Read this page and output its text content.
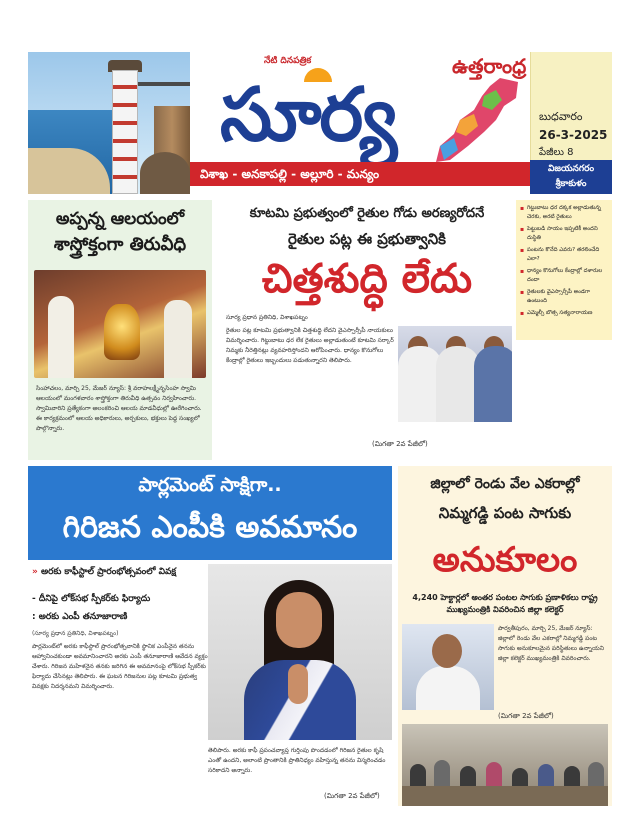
నేటి దినపత్రిక
సూర్య
ఉత్తరాంధ్ర
విశాఖ - అనకాపల్లి - అల్లూరి - మన్యం
బుధవారం
26-3-2025
పేజీలు 8
విజయనగరం
శ్రీకాకుళం
అప్పన్న ఆలయంలో
శాస్త్రోక్తంగా తిరువీధి
సింహాచలం, మార్చి 25, మేజర్ న్యూస్: శ్రీ వరాహలక్ష్మీనృసింహ స్వామి ఆలయంలో మంగళవారం శాస్త్రోక్తంగా తిరువీధి ఉత్సవం నిర్వహించారు. స్వామివారిని ప్రత్యేకంగా అలంకరించి ఆలయ మాడవీధుల్లో ఊరేగించారు. ఈ కార్యక్రమంలో ఆలయ అధికారులు, అర్చకులు, భక్తులు పెద్ద సంఖ్యలో పాల్గొన్నారు.
కూటమి ప్రభుత్వంలో రైతుల గోడు అరణ్యరోదనే
రైతుల పట్ల ఈ ప్రభుత్వానికి
చిత్తశుద్ధి లేదు
సూర్య ప్రధాన ప్రతినిధి, విశాఖపట్నం
రైతుల పట్ల కూటమి ప్రభుత్వానికి చిత్తశుద్ధి లేదని వైఎస్సార్సీపీ నాయకులు విమర్శించారు. గిట్టుబాటు ధర లేక రైతులు అల్లాడుతుంటే కూటమి సర్కార్ నిమ్మకు నీరెత్తినట్లు వ్యవహరిస్తోందని ఆరోపించారు. ధాన్యం కొనుగోలు కేంద్రాల్లో రైతులు ఇబ్బందులు పడుతున్నారని తెలిపారు.
(మిగతా 2వ పేజీలో)
▪ గిట్టుబాటు ధర దక్కక అల్లాడుతున్న చెరకు, అరటి రైతులు
▪ పెట్టుబడి సాయం ఇప్పటికీ అందని దుస్థితి
▪ పంటను కొనేది ఎవరు? తరలించేది ఎలా?
▪ ధాన్యం కొనుగోలు కేంద్రాల్లో దళారుల దందా
▪ రైతులకు వైఎస్సార్సీపీ అండగా ఉంటుంది
▪ ఎమ్మెల్సీ బొత్స సత్యనారాయణ
పార్లమెంట్ సాక్షిగా..
గిరిజన ఎంపీకి అవమానం
» అరకు కాఫీస్టాల్ ప్రారంభోత్సవంలో వివక్ష
- దీనిపై లోక్‌సభ స్పీకర్‌కు ఫిర్యాదు
: అరకు ఎంపీ తనూజారాణి
(సూర్య ప్రధాన ప్రతినిధి, విశాఖపట్నం)
పార్లమెంట్‌లో అరకు కాఫీస్టాల్ ప్రారంభోత్సవానికి స్థానిక ఎంపీనైన తనను ఆహ్వానించకుండా అవమానించారని అరకు ఎంపీ తనూజారాణి ఆవేదన వ్యక్తం చేశారు. గిరిజన మహిళనైన తనకు జరిగిన ఈ అవమానంపై లోక్‌సభ స్పీకర్‌కు ఫిర్యాదు చేసినట్లు తెలిపారు. ఈ ఘటన గిరిజనుల పట్ల కూటమి ప్రభుత్వ వివక్షకు నిదర్శనమని విమర్శించారు.
తెలిపారు. అరకు కాఫీ ప్రపంచవ్యాప్త గుర్తింపు పొందడంలో గిరిజన రైతుల కృషి ఎంతో ఉందని, అలాంటి ప్రాంతానికి ప్రాతినిధ్యం వహిస్తున్న తనను విస్మరించడం సరికాదని అన్నారు.
(మిగతా 2వ పేజీలో)
జిల్లాలో రెండు వేల ఎకరాల్లో
నిమ్మగడ్డి పంట సాగుకు
అనుకూలం
4,240 హెక్టార్లలో అంతర పంటల సాగుకు ప్రణాళికలు రాష్ట్ర ముఖ్యమంత్రికి వివరించిన జిల్లా కలెక్టర్
పార్వతీపురం, మార్చి 25, మేజర్ న్యూస్: జిల్లాలో రెండు వేల ఎకరాల్లో నిమ్మగడ్డి పంట సాగుకు అనుకూలమైన పరిస్థితులు ఉన్నాయని జిల్లా కలెక్టర్ ముఖ్యమంత్రికి వివరించారు.
(మిగతా 2వ పేజీలో)
